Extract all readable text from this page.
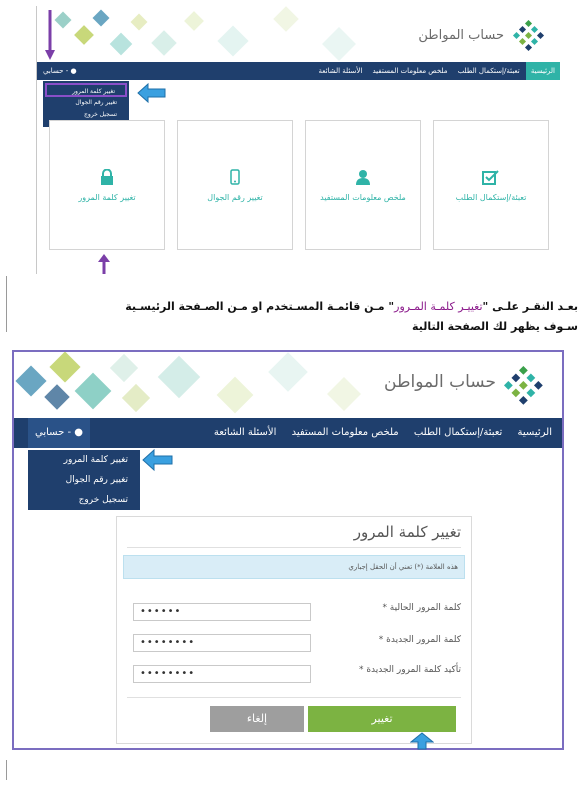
حساب المواطن
الرئيسية تعبئة/إستكمال الطلب ملخص معلومات المستفيد الأسئلة الشائعة
حسابي - ●
تغيير كلمة المرور
تغيير رقم الجوال
تسجيل خروج
تعبئة/إستكمال الطلب
ملخص معلومات المستفيد
تغيير رقم الجوال
تغيير كلمة المرور
بعـد النقـر علـى "تغييـر كلمـة المـرور" مـن قائمـة المسـتخدم او مـن الصـفحة الرئيسـية
سـوف يظهر لك الصفحة التالية
حساب المواطن
الرئيسية تعبئة/إستكمال الطلب ملخص معلومات المستفيد الأسئلة الشائعة
حسابي - ●
تغيير كلمة المرور
تغيير رقم الجوال
تسجيل خروج
تغيير كلمة المرور
هذه العلامة (*) تعني أن الحقل إجباري
كلمة المرور الحالية *
••••••
كلمة المرور الجديدة *
••••••••
تأكيد كلمة المرور الجديدة *
••••••••
تغيير
إلغاء
